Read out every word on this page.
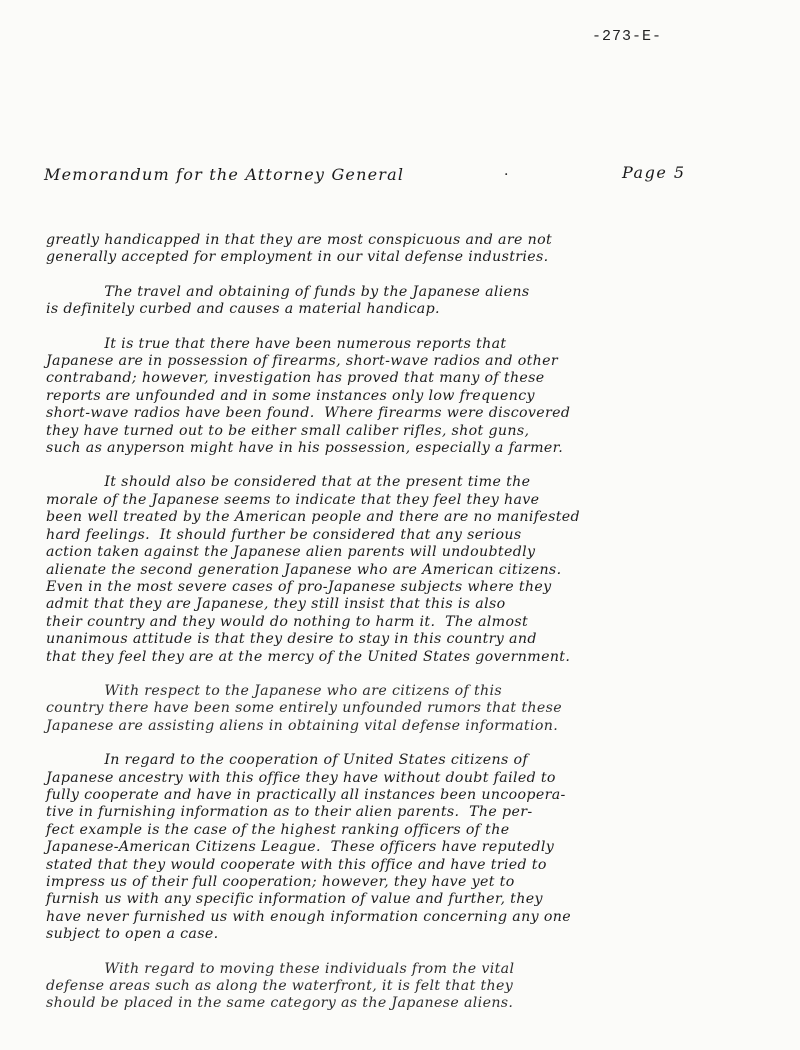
-273-E-
Memorandum for the Attorney General	·	Page 5

greatly handicapped in that they are most conspicuous and are not
generally accepted for employment in our vital defense industries.

The travel and obtaining of funds by the Japanese aliens
is definitely curbed and causes a material handicap.

It is true that there have been numerous reports that
Japanese are in possession of firearms, short-wave radios and other
contraband; however, investigation has proved that many of these
reports are unfounded and in some instances only low frequency
short-wave radios have been found.  Where firearms were discovered
they have turned out to be either small caliber rifles, shot guns,
such as anyperson might have in his possession, especially a farmer.

It should also be considered that at the present time the
morale of the Japanese seems to indicate that they feel they have
been well treated by the American people and there are no manifested
hard feelings.  It should further be considered that any serious
action taken against the Japanese alien parents will undoubtedly
alienate the second generation Japanese who are American citizens.
Even in the most severe cases of pro-Japanese subjects where they
admit that they are Japanese, they still insist that this is also
their country and they would do nothing to harm it.  The almost
unanimous attitude is that they desire to stay in this country and
that they feel they are at the mercy of the United States government.

With respect to the Japanese who are citizens of this
country there have been some entirely unfounded rumors that these
Japanese are assisting aliens in obtaining vital defense information.

In regard to the cooperation of United States citizens of
Japanese ancestry with this office they have without doubt failed to
fully cooperate and have in practically all instances been uncoopera-
tive in furnishing information as to their alien parents.  The per-
fect example is the case of the highest ranking officers of the
Japanese-American Citizens League.  These officers have reputedly
stated that they would cooperate with this office and have tried to
impress us of their full cooperation; however, they have yet to
furnish us with any specific information of value and further, they
have never furnished us with enough information concerning any one
subject to open a case.

With regard to moving these individuals from the vital
defense areas such as along the waterfront, it is felt that they
should be placed in the same category as the Japanese aliens.
